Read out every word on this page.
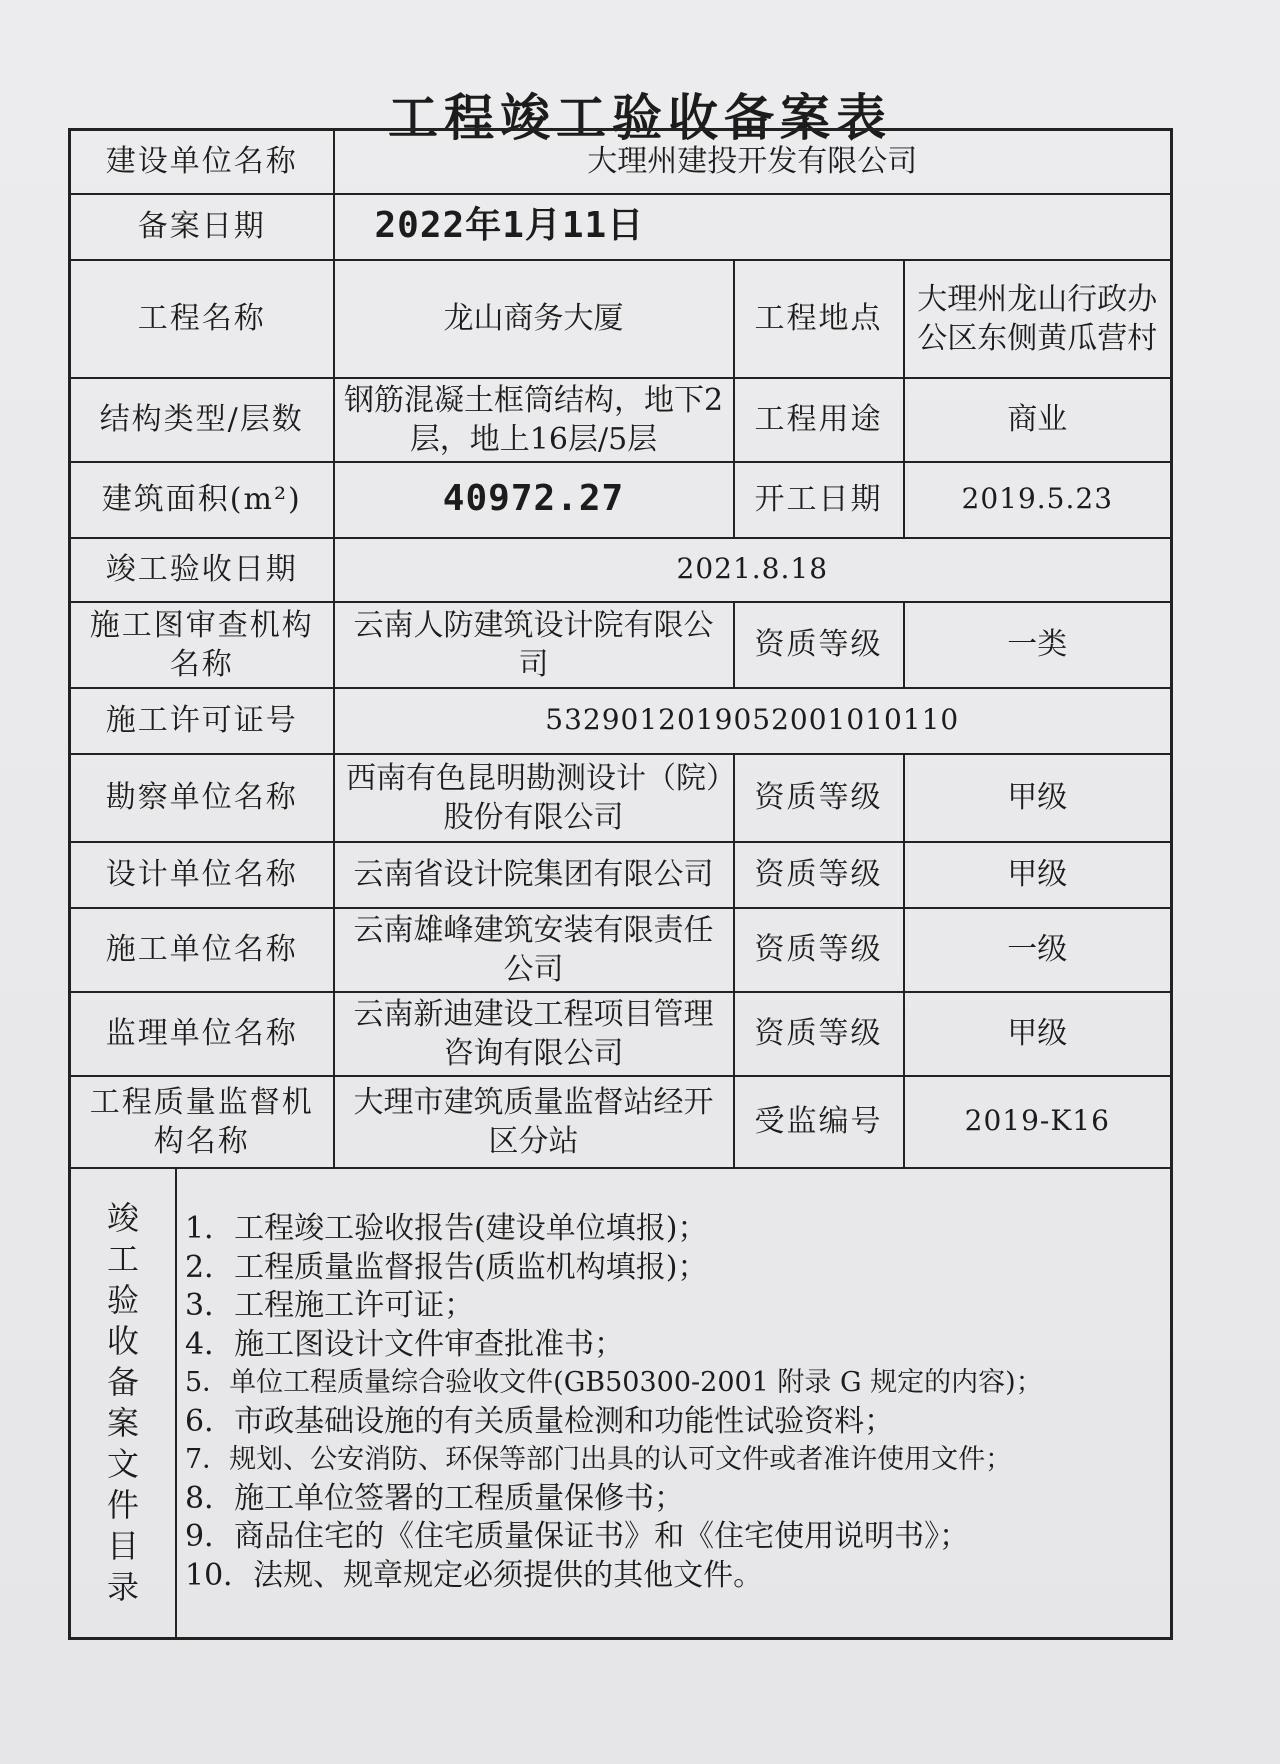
工程竣工验收备案表
建设单位名称	大理州建投开发有限公司
备案日期	2022年1月11日
工程名称	龙山商务大厦	工程地点	大理州龙山行政办公区东侧黄瓜营村
结构类型/层数	钢筋混凝土框筒结构，地下2层，地上16层/5层	工程用途	商业
建筑面积(m²)	40972.27	开工日期	2019.5.23
竣工验收日期	2021.8.18
施工图审查机构名称	云南人防建筑设计院有限公司	资质等级	一类
施工许可证号	532901201905200101011​0
勘察单位名称	西南有色昆明勘测设计（院）股份有限公司	资质等级	甲级
设计单位名称	云南省设计院集团有限公司	资质等级	甲级
施工单位名称	云南雄峰建筑安装有限责任公司	资质等级	一级
监理单位名称	云南新迪建设工程项目管理咨询有限公司	资质等级	甲级
工程质量监督机构名称	大理市建筑质量监督站经开区分站	受监编号	2019-K16

竣工验收备案文件目录

1．工程竣工验收报告(建设单位填报)；
2．工程质量监督报告(质监机构填报)；
3．工程施工许可证；
4．施工图设计文件审查批准书；
5．单位工程质量综合验收文件(GB50300-2001 附录 G 规定的内容)；
6．市政基础设施的有关质量检测和功能性试验资料；
7．规划、公安消防、环保等部门出具的认可文件或者准许使用文件；
8．施工单位签署的工程质量保修书；
9．商品住宅的《住宅质量保证书》和《住宅使用说明书》；
10．法规、规章规定必须提供的其他文件。
